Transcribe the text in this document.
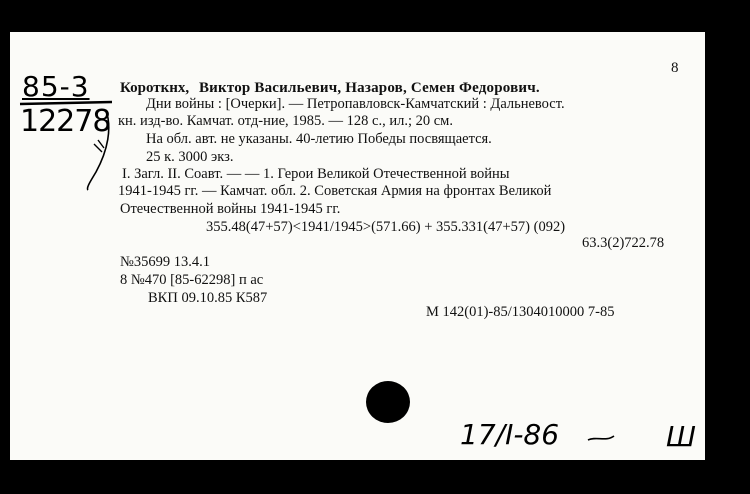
85-3
12278
17/I-86	Ш
8
Короткнх, Виктор Васильевич, Назаров, Семен Федорович.
Дни войны : [Очерки]. — Петропавловск-Камчатский : Дальневост.
кн. изд-во. Камчат. отд-ние, 1985. — 128 с., ил.; 20 см.
На обл. авт. не указаны. 40-летию Победы посвящается.
25 к. 3000 экз.
I. Загл. II. Соавт. — — 1. Герои Великой Отечественной войны
1941-1945 гг. — Камчат. обл. 2. Советская Армия на фронтах Великой
Отечественной войны 1941-1945 гг.
355.48(47+57)<1941/1945>(571.66) + 355.331(47+57) (092)
63.3(2)722.78
№35699 13.4.1
8 №470 [85-62298] п ас
ВКП 09.10.85 К587
М 142(01)-85/1304010000 7-85
